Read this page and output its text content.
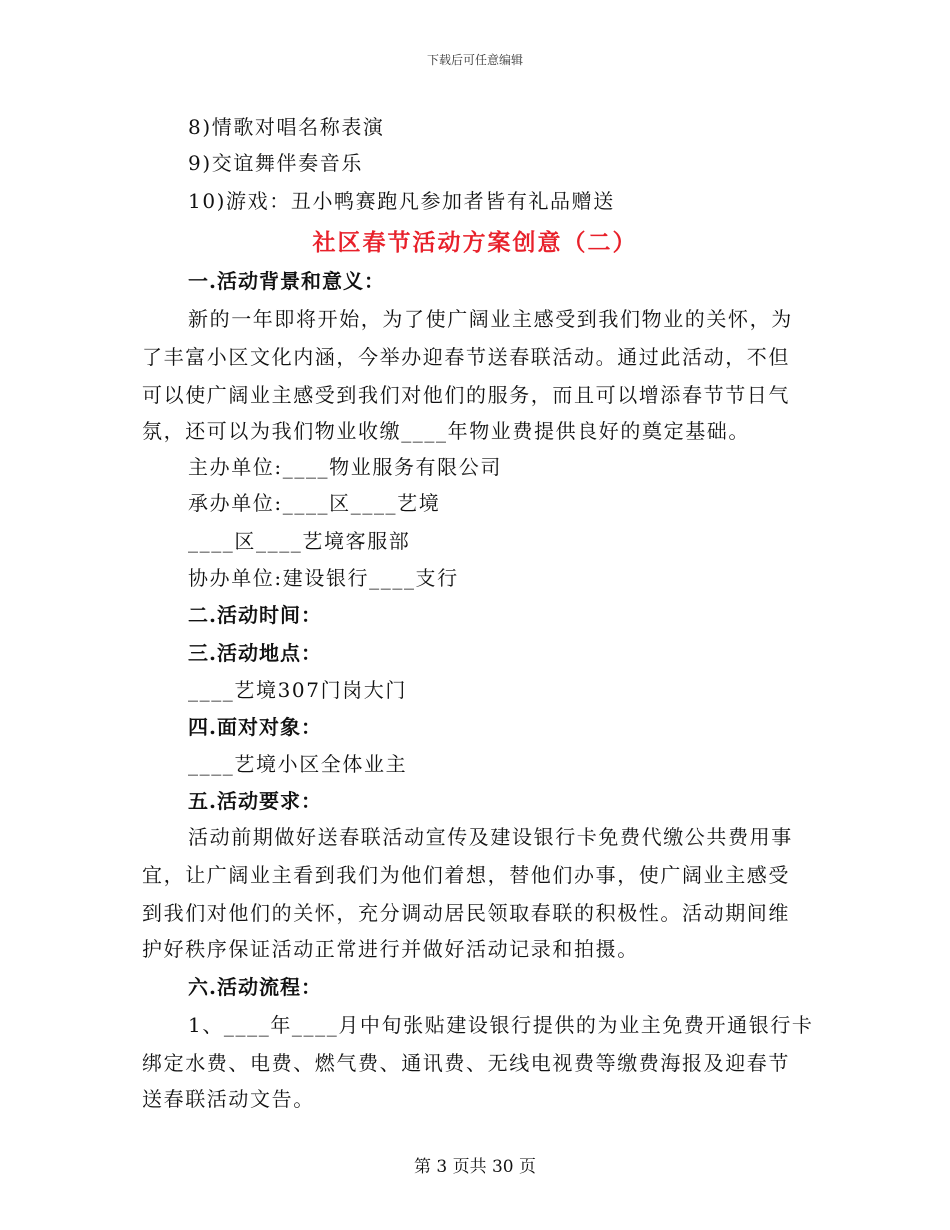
下载后可任意编辑
8)情歌对唱名称表演
9)交谊舞伴奏音乐
10)游戏：丑小鸭赛跑凡参加者皆有礼品赠送
社区春节活动方案创意（二）
一.活动背景和意义：
新的一年即将开始，为了使广阔业主感受到我们物业的关怀，为
了丰富小区文化内涵，今举办迎春节送春联活动。通过此活动，不但
可以使广阔业主感受到我们对他们的服务，而且可以增添春节节日气
氛，还可以为我们物业收缴____年物业费提供良好的奠定基础。
主办单位:____物业服务有限公司
承办单位:____区____艺境
____区____艺境客服部
协办单位:建设银行____支行
二.活动时间：
三.活动地点：
____艺境307门岗大门
四.面对对象：
____艺境小区全体业主
五.活动要求：
活动前期做好送春联活动宣传及建设银行卡免费代缴公共费用事
宜，让广阔业主看到我们为他们着想，替他们办事，使广阔业主感受
到我们对他们的关怀，充分调动居民领取春联的积极性。活动期间维
护好秩序保证活动正常进行并做好活动记录和拍摄。
六.活动流程：
1、____年____月中旬张贴建设银行提供的为业主免费开通银行卡
绑定水费、电费、燃气费、通讯费、无线电视费等缴费海报及迎春节
送春联活动文告。
第 3 页共 30 页
